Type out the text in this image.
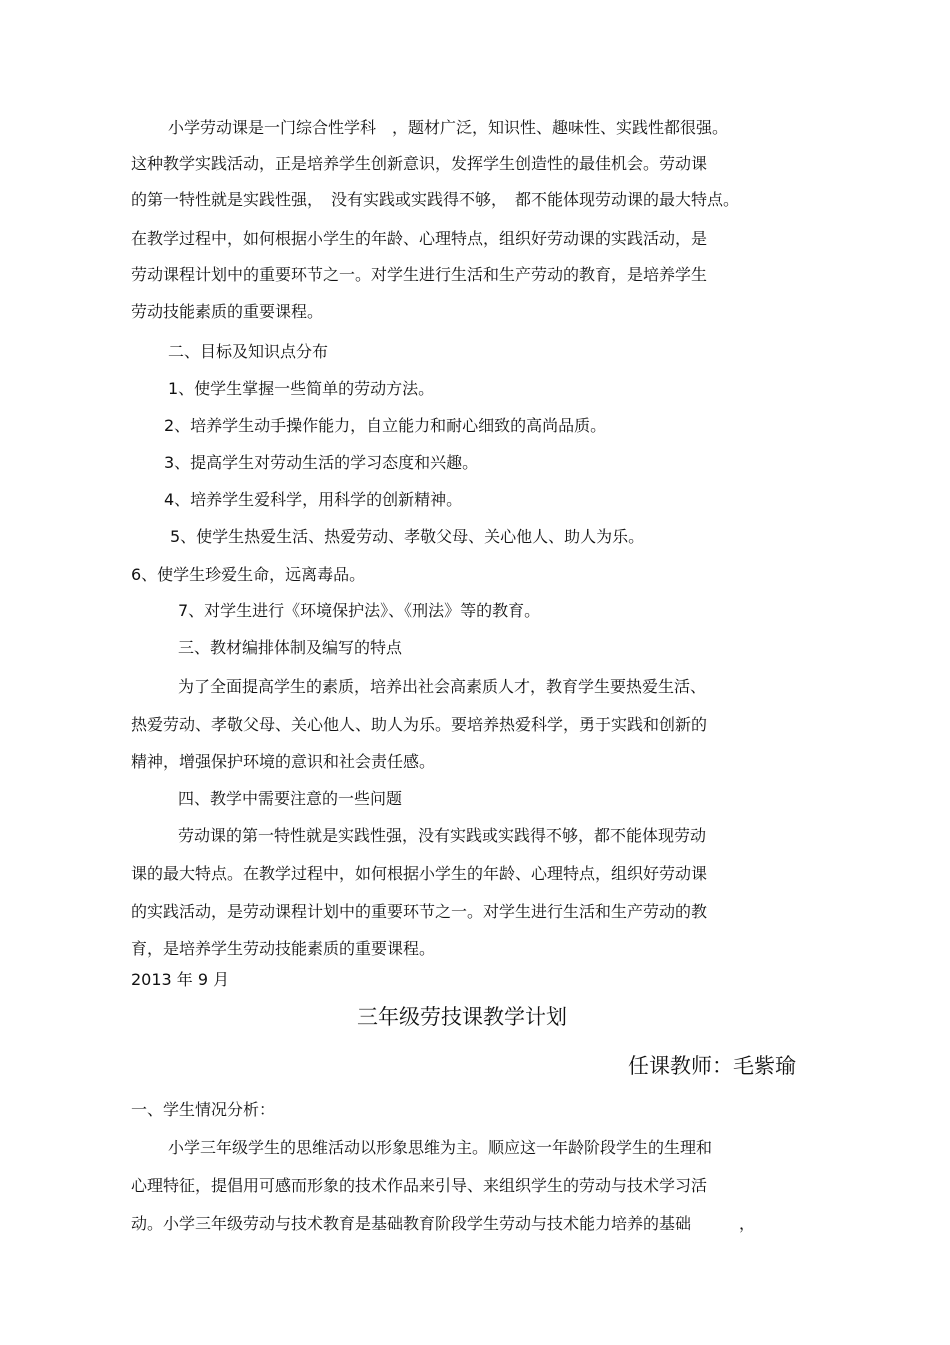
小学劳动课是一门综合性学科　，题材广泛，知识性、趣味性、实践性都很强。
这种教学实践活动，正是培养学生创新意识，发挥学生创造性的最佳机会。劳动课
的第一特性就是实践性强，　没有实践或实践得不够，　都不能体现劳动课的最大特点。
在教学过程中，如何根据小学生的年龄、心理特点，组织好劳动课的实践活动，是
劳动课程计划中的重要环节之一。对学生进行生活和生产劳动的教育，是培养学生
劳动技能素质的重要课程。
二、目标及知识点分布
1、使学生掌握一些简单的劳动方法。
2、培养学生动手操作能力，自立能力和耐心细致的高尚品质。
3、提高学生对劳动生活的学习态度和兴趣。
4、培养学生爱科学，用科学的创新精神。
5、使学生热爱生活、热爱劳动、孝敬父母、关心他人、助人为乐。
6、使学生珍爱生命，远离毒品。
7、对学生进行《环境保护法》、《刑法》等的教育。
三、教材编排体制及编写的特点
为了全面提高学生的素质，培养出社会高素质人才，教育学生要热爱生活、
热爱劳动、孝敬父母、关心他人、助人为乐。要培养热爱科学，勇于实践和创新的
精神，增强保护环境的意识和社会责任感。
四、教学中需要注意的一些问题
劳动课的第一特性就是实践性强，没有实践或实践得不够，都不能体现劳动
课的最大特点。在教学过程中，如何根据小学生的年龄、心理特点，组织好劳动课
的实践活动，是劳动课程计划中的重要环节之一。对学生进行生活和生产劳动的教
育，是培养学生劳动技能素质的重要课程。
2013 年 9 月
三年级劳技课教学计划
任课教师：毛紫瑜
一、学生情况分析：
小学三年级学生的思维活动以形象思维为主。顺应这一年龄阶段学生的生理和
心理特征，提倡用可感而形象的技术作品来引导、来组织学生的劳动与技术学习活
动。小学三年级劳动与技术教育是基础教育阶段学生劳动与技术能力培养的基础　　　，
